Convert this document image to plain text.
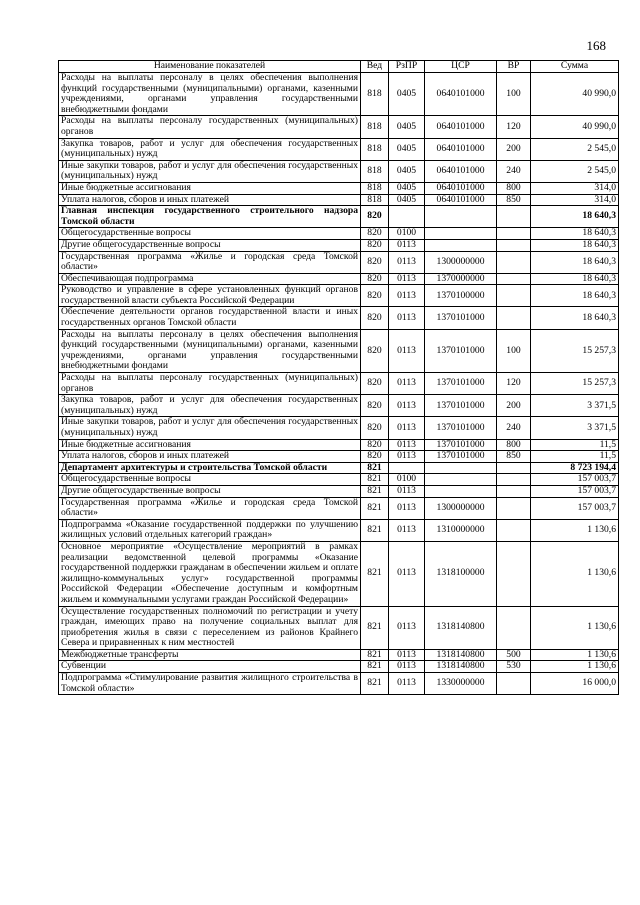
168
Наименование показателей	Вед	РзПР	ЦСР	ВР	Сумма
Расходы на выплаты персоналу в целях обеспечения выполнения функций государственными (муниципальными) органами, казенными учреждениями, органами управления государственными внебюджетными фондами	818	0405	0640101000	100	40 990,0
Расходы на выплаты персоналу государственных (муниципальных) органов	818	0405	0640101000	120	40 990,0
Закупка товаров, работ и услуг для обеспечения государственных (муниципальных) нужд	818	0405	0640101000	200	2 545,0
Иные закупки товаров, работ и услуг для обеспечения государственных (муниципальных) нужд	818	0405	0640101000	240	2 545,0
Иные бюджетные ассигнования	818	0405	0640101000	800	314,0
Уплата налогов, сборов и иных платежей	818	0405	0640101000	850	314,0
Главная инспекция государственного строительного надзора Томской области	820				18 640,3
Общегосударственные вопросы	820	0100			18 640,3
Другие общегосударственные вопросы	820	0113			18 640,3
Государственная программа «Жилье и городская среда Томской области»	820	0113	1300000000		18 640,3
Обеспечивающая подпрограмма	820	0113	1370000000		18 640,3
Руководство и управление в сфере установленных функций органов государственной власти субъекта Российской Федерации	820	0113	1370100000		18 640,3
Обеспечение деятельности органов государственной власти и иных государственных органов Томской области	820	0113	1370101000		18 640,3
Расходы на выплаты персоналу в целях обеспечения выполнения функций государственными (муниципальными) органами, казенными учреждениями, органами управления государственными внебюджетными фондами	820	0113	1370101000	100	15 257,3
Расходы на выплаты персоналу государственных (муниципальных) органов	820	0113	1370101000	120	15 257,3
Закупка товаров, работ и услуг для обеспечения государственных (муниципальных) нужд	820	0113	1370101000	200	3 371,5
Иные закупки товаров, работ и услуг для обеспечения государственных (муниципальных) нужд	820	0113	1370101000	240	3 371,5
Иные бюджетные ассигнования	820	0113	1370101000	800	11,5
Уплата налогов, сборов и иных платежей	820	0113	1370101000	850	11,5
Департамент архитектуры и строительства Томской области	821				8 723 194,4
Общегосударственные вопросы	821	0100			157 003,7
Другие общегосударственные вопросы	821	0113			157 003,7
Государственная программа «Жилье и городская среда Томской области»	821	0113	1300000000		157 003,7
Подпрограмма «Оказание государственной поддержки по улучшению жилищных условий отдельных категорий граждан»	821	0113	1310000000		1 130,6
Основное мероприятие «Осуществление мероприятий в рамках реализации ведомственной целевой программы «Оказание государственной поддержки гражданам в обеспечении жильем и оплате жилищно-коммунальных услуг» государственной программы Российской Федерации «Обеспечение доступным и комфортным жильем и коммунальными услугами граждан Российской Федерации»	821	0113	1318100000		1 130,6
Осуществление государственных полномочий по регистрации и учету граждан, имеющих право на получение социальных выплат для приобретения жилья в связи с переселением из районов Крайнего Севера и приравненных к ним местностей	821	0113	1318140800		1 130,6
Межбюджетные трансферты	821	0113	1318140800	500	1 130,6
Субвенции	821	0113	1318140800	530	1 130,6
Подпрограмма «Стимулирование развития жилищного строительства в Томской области»	821	0113	1330000000		16 000,0
